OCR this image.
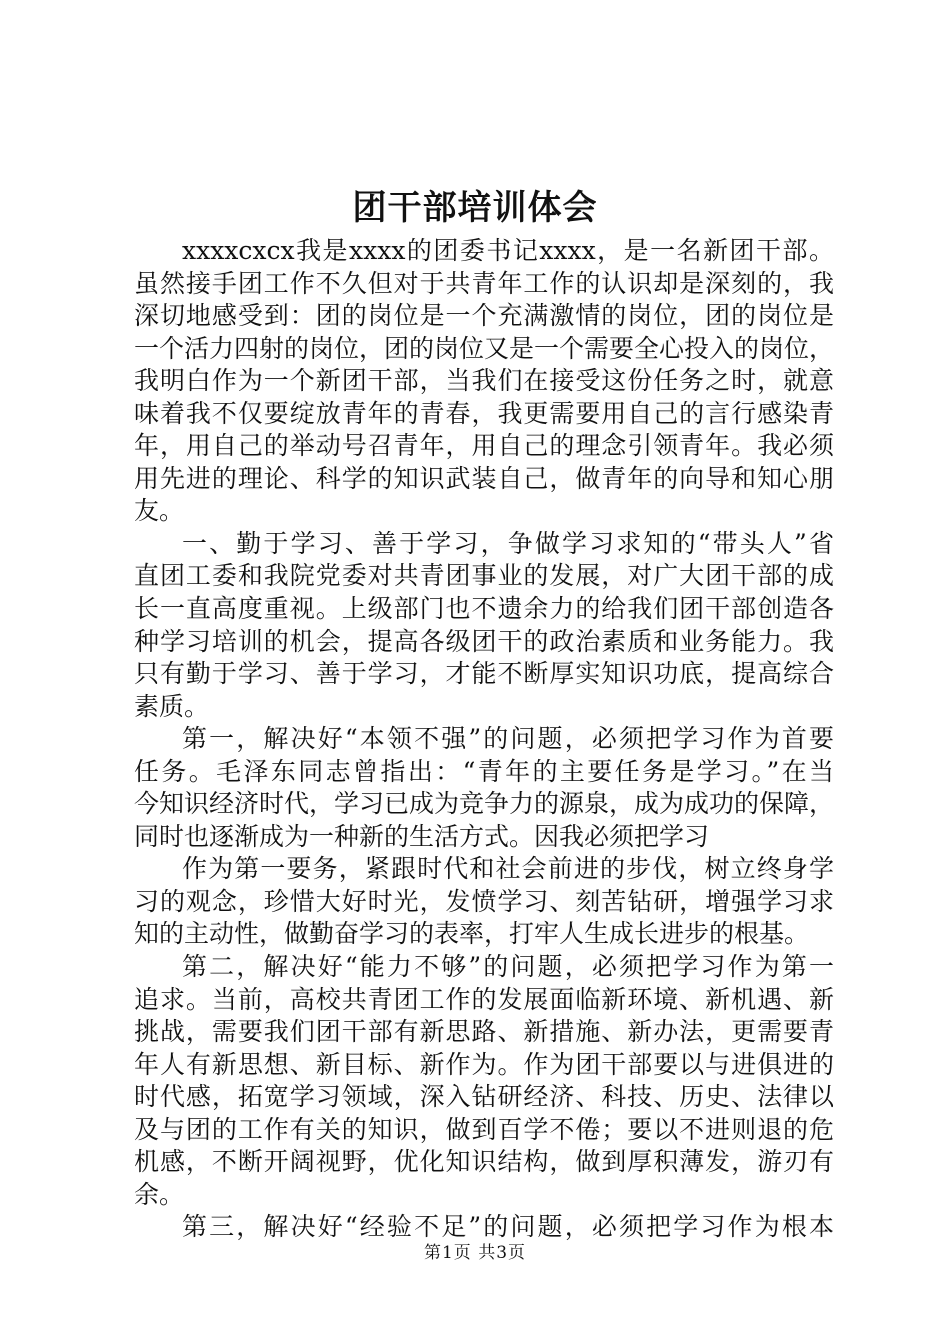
团干部培训体会
xxxxcxcx我是xxxx的团委书记xxxx，是一名新团干部。
虽然接手团工作不久但对于共青年工作的认识却是深刻的，我
深切地感受到：团的岗位是一个充满激情的岗位，团的岗位是
一个活力四射的岗位，团的岗位又是一个需要全心投入的岗位，
我明白作为一个新团干部，当我们在接受这份任务之时，就意
味着我不仅要绽放青年的青春，我更需要用自己的言行感染青
年，用自己的举动号召青年，用自己的理念引领青年。我必须
用先进的理论、科学的知识武装自己，做青年的向导和知心朋
友。
一、勤于学习、善于学习，争做学习求知的“带头人”省
直团工委和我院党委对共青团事业的发展，对广大团干部的成
长一直高度重视。上级部门也不遗余力的给我们团干部创造各
种学习培训的机会，提高各级团干的政治素质和业务能力。我
只有勤于学习、善于学习，才能不断厚实知识功底，提高综合
素质。
第一，解决好“本领不强”的问题，必须把学习作为首要
任务。毛泽东同志曾指出：“青年的主要任务是学习。”在当
今知识经济时代，学习已成为竞争力的源泉，成为成功的保障，
同时也逐渐成为一种新的生活方式。因我必须把学习
作为第一要务，紧跟时代和社会前进的步伐，树立终身学
习的观念，珍惜大好时光，发愤学习、刻苦钻研，增强学习求
知的主动性，做勤奋学习的表率，打牢人生成长进步的根基。
第二，解决好“能力不够”的问题，必须把学习作为第一
追求。当前，高校共青团工作的发展面临新环境、新机遇、新
挑战，需要我们团干部有新思路、新措施、新办法，更需要青
年人有新思想、新目标、新作为。作为团干部要以与进俱进的
时代感，拓宽学习领域，深入钻研经济、科技、历史、法律以
及与团的工作有关的知识，做到百学不倦；要以不进则退的危
机感，不断开阔视野，优化知识结构，做到厚积薄发，游刃有
余。
第三，解决好“经验不足”的问题，必须把学习作为根本
第1页 共3页
